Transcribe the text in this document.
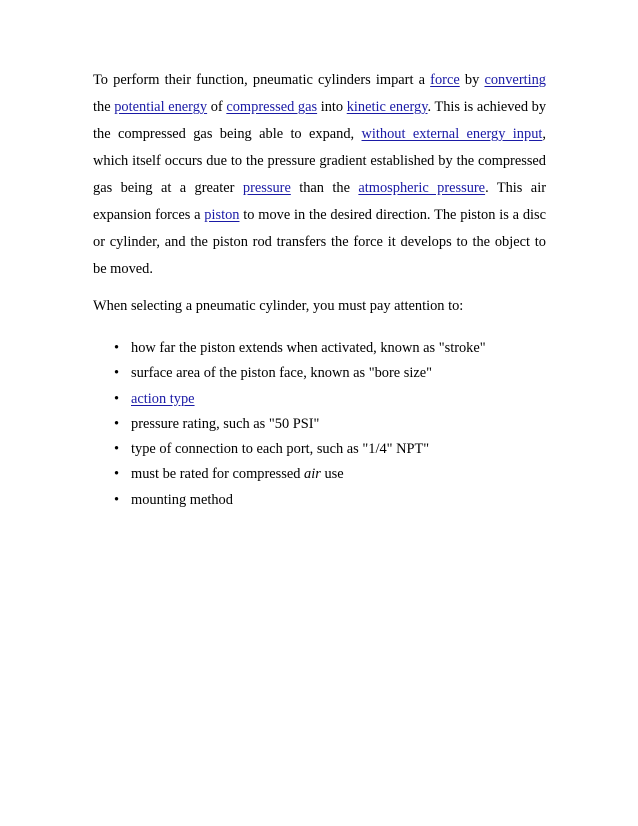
To perform their function, pneumatic cylinders impart a force by converting the potential energy of compressed gas into kinetic energy. This is achieved by the compressed gas being able to expand, without external energy input, which itself occurs due to the pressure gradient established by the compressed gas being at a greater pressure than the atmospheric pressure. This air expansion forces a piston to move in the desired direction. The piston is a disc or cylinder, and the piston rod transfers the force it develops to the object to be moved.

When selecting a pneumatic cylinder, you must pay attention to:

• how far the piston extends when activated, known as "stroke"
• surface area of the piston face, known as "bore size"
• action type
• pressure rating, such as "50 PSI"
• type of connection to each port, such as "1/4" NPT"
• must be rated for compressed air use
• mounting method
